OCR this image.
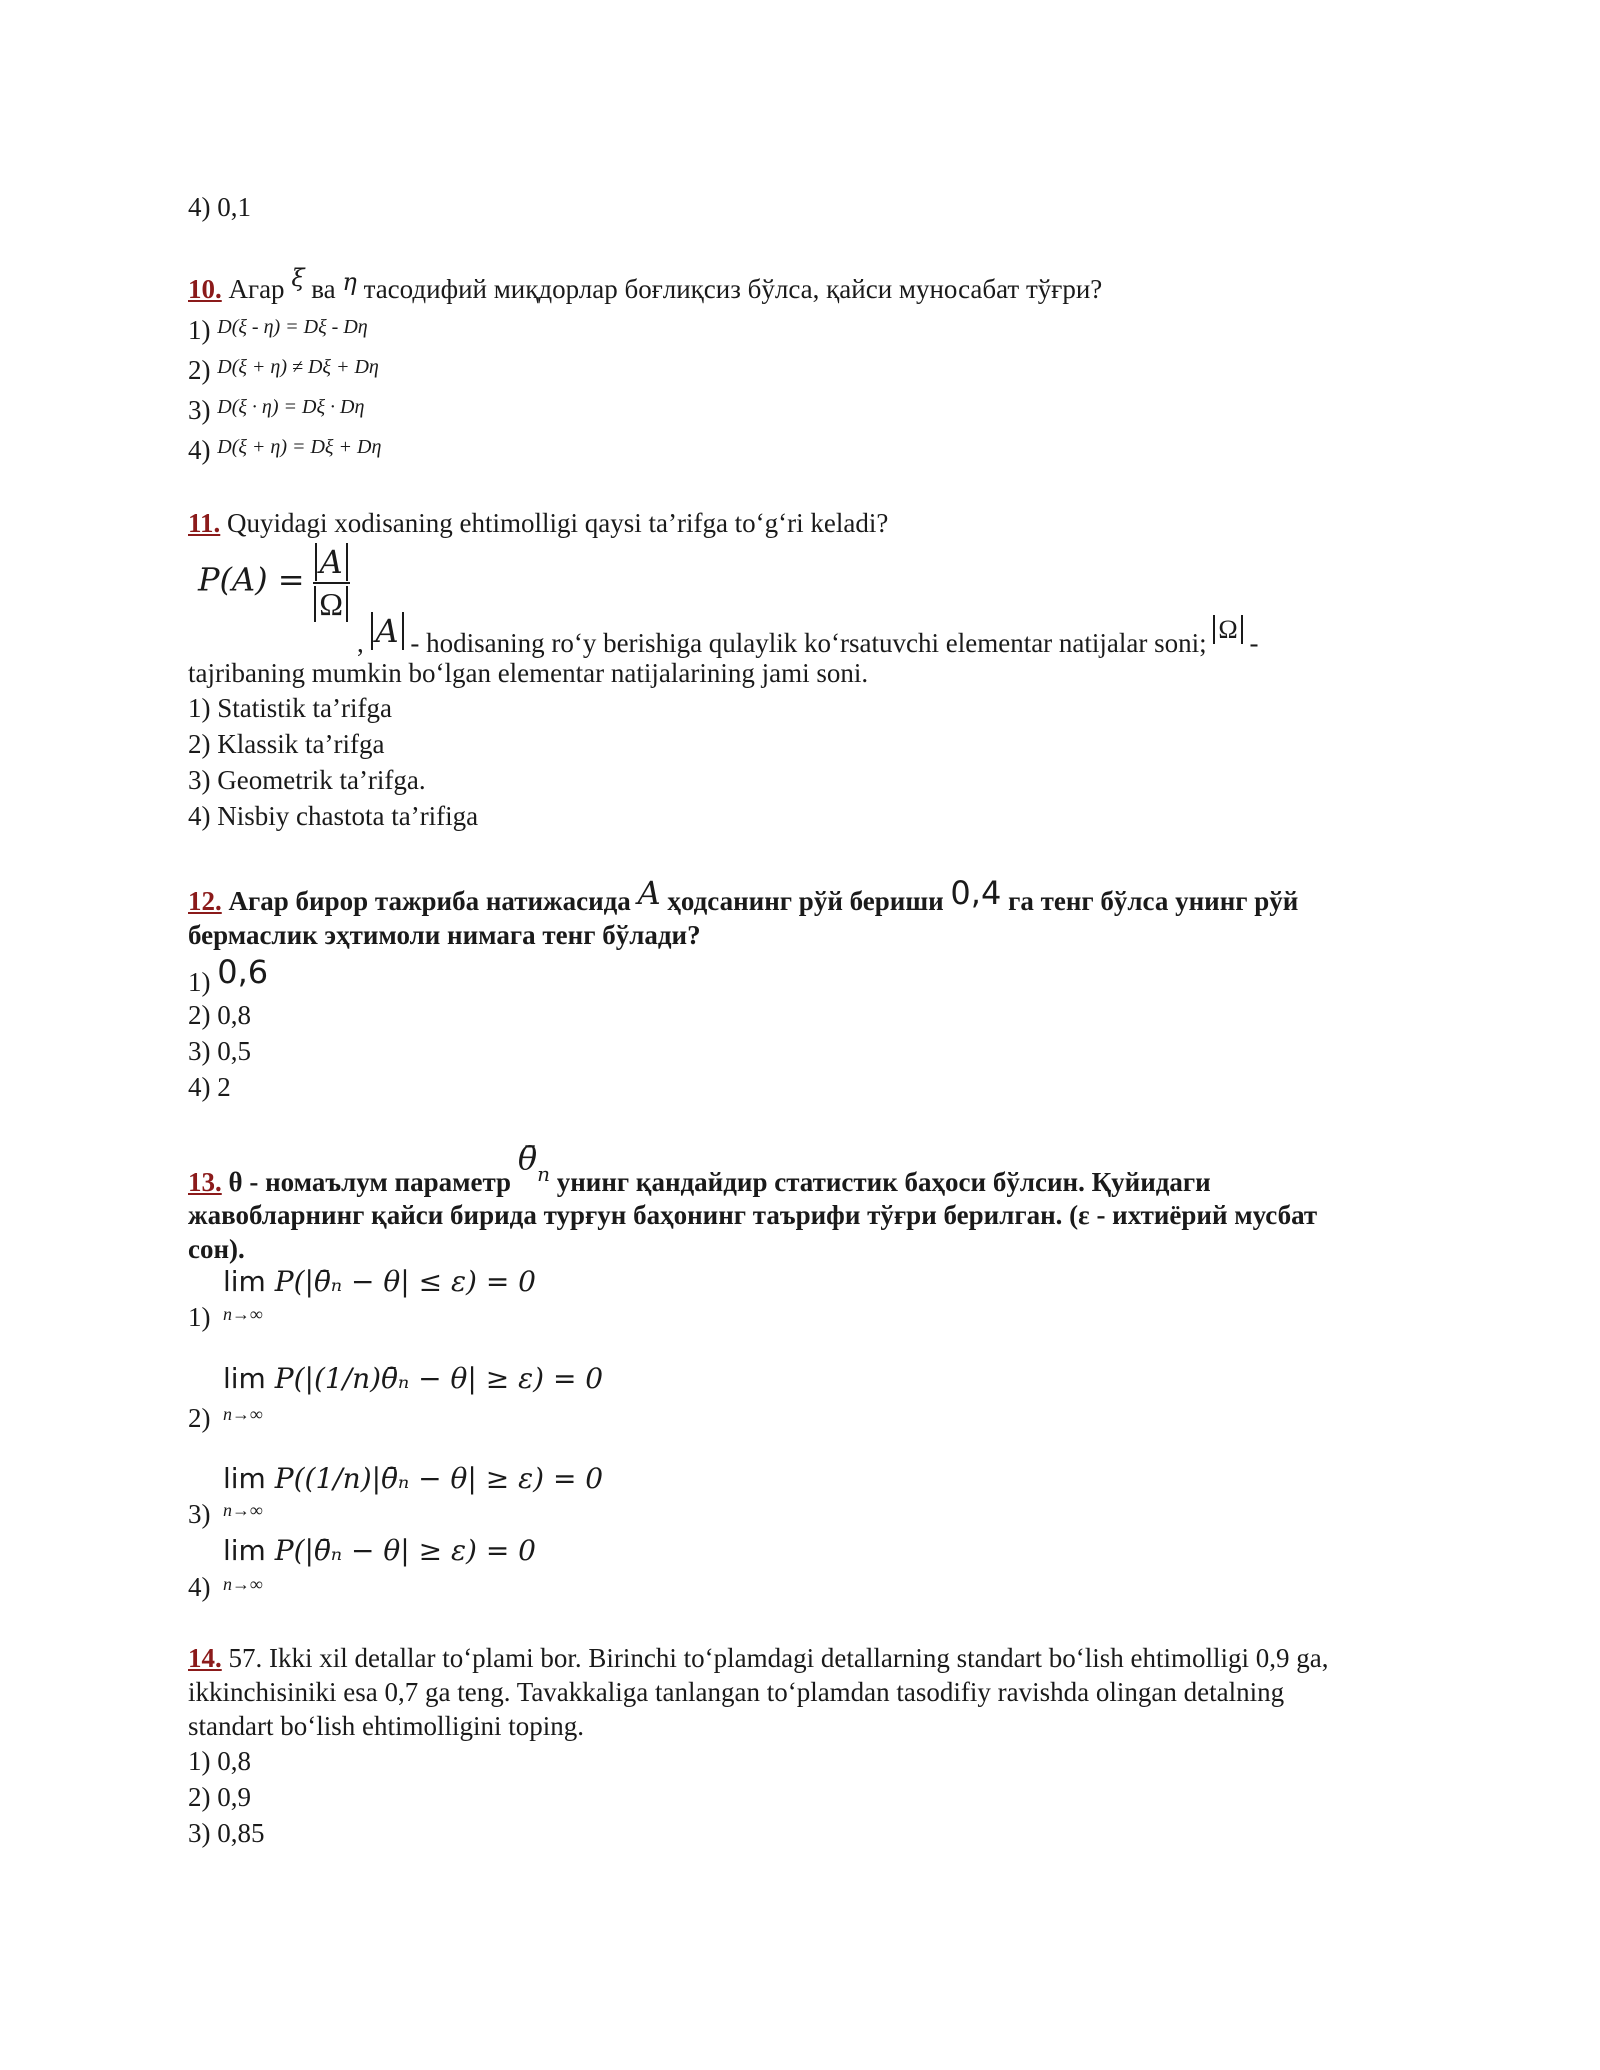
4) 0,1
10. Агар ξ ва η тасодифий миқдорлар боғлиқсиз бўлса, қайси муносабат тўғри?
1) $^{D(\xi - \eta) = D\xi - D\eta}$
2) $^{D(\xi + \eta) \ne D\xi + D\eta}$
3) $^{D(\xi \cdot \eta) = D\xi \cdot D\eta}$
4) $^{D(\xi + \eta) = D\xi + D\eta}$
11. Quyidagi xodisaning ehtimolligi qaysi ta’rifga to‘g‘ri keladi?
$P(A) = \frac{A}{\Omega}$
, A - hodisaning ro‘y berishiga qulaylik ko‘rsatuvchi elementar natijalar soni; Ω -
tajribaning mumkin bo‘lgan elementar natijalarining jami soni.
1) Statistik ta’rifga
2) Klassik ta’rifga
3) Geometrik ta’rifga.
4) Nisbiy chastota ta’rifiga
12. Агар бирор тажриба натижасида A ҳодсанинг рўй бериши 0,4 га тенг бўлса унинг рўй
бермаслик эҳтимоли нимага тенг бўлади?
1) 0,6
2) 0,8
3) 0,5
4) 2
13. θ - номаълум параметр θ̄$^n$ унинг қандайдир статистик баҳоси бўлсин. Қуйидаги
жавобларнинг қайси бирида турғун баҳонинг таърифи тўғри берилган. (ε - ихтиёрий мусбат
сон).
lim P(|θ̄ₙ − θ| ≤ ε) = 0
n→∞
1)
lim P(|(1/n)θ̄ₙ − θ| ≥ ε) = 0
n→∞
2)
lim P((1/n)|θ̄ₙ − θ| ≥ ε) = 0
n→∞
3)
lim P(|θ̄ₙ − θ| ≥ ε) = 0
n→∞
4)
14. 57. Ikki xil detallar to‘plami bor. Birinchi to‘plamdagi detallarning standart bo‘lish ehtimolligi 0,9 ga,
ikkinchisiniki esa 0,7 ga teng. Tavakkaliga tanlangan to‘plamdan tasodifiy ravishda olingan detalning
standart bo‘lish ehtimolligini toping.
1) 0,8
2) 0,9
3) 0,85
